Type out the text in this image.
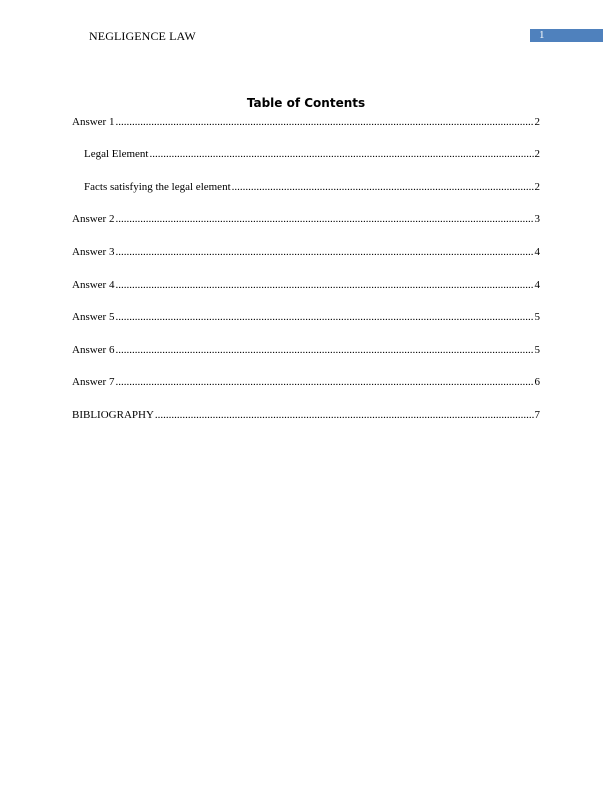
NEGLIGENCE LAW	1
Table of Contents
Answer 1 .....	2
Legal Element .....	2
Facts satisfying the legal element .....	2
Answer 2 .....	3
Answer 3 .....	4
Answer 4 .....	4
Answer 5 .....	5
Answer 6 .....	5
Answer 7 .....	6
BIBLIOGRAPHY .....	7
